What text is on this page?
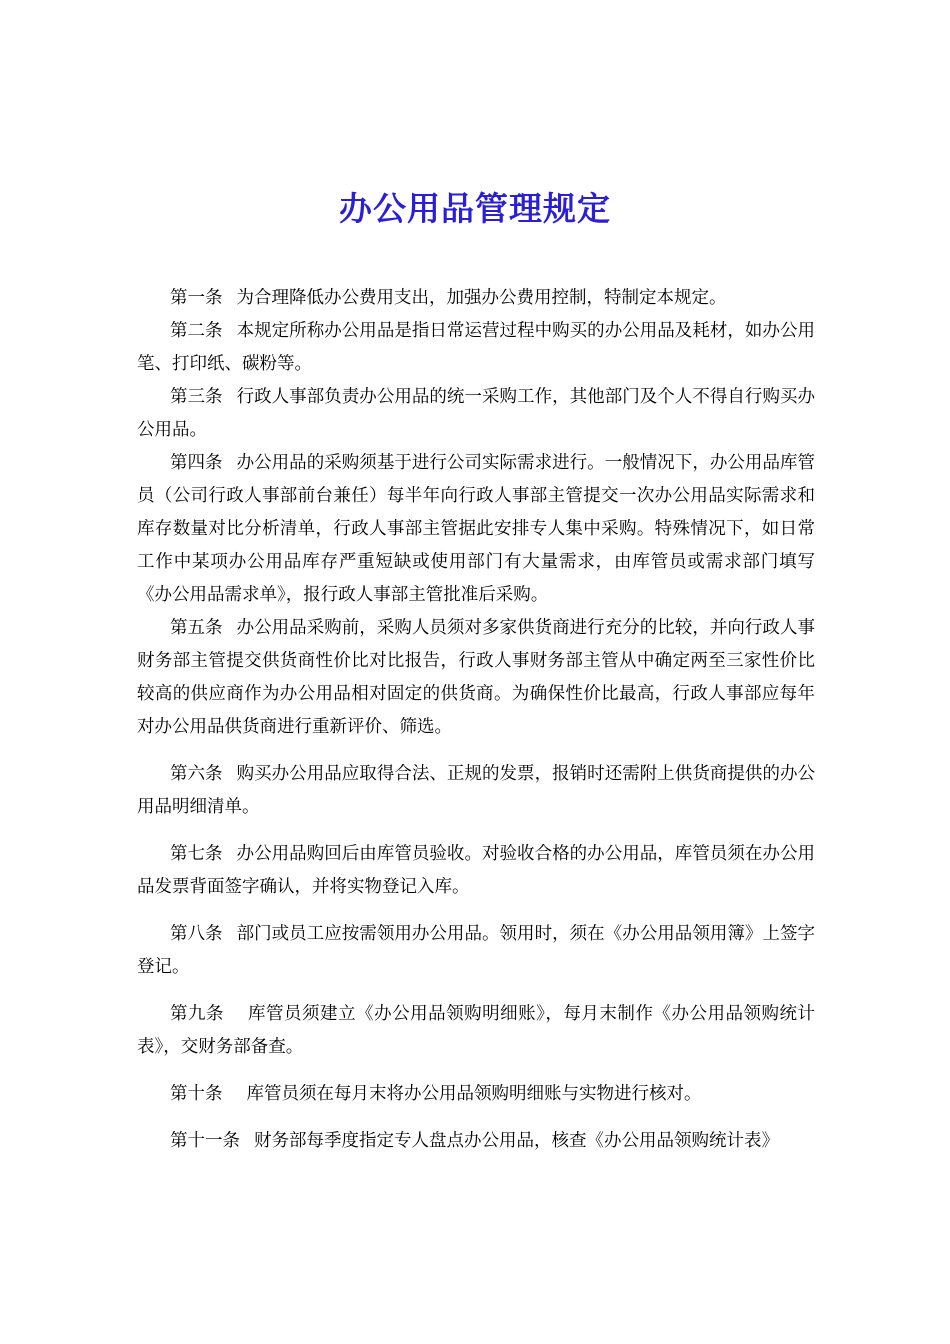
办公用品管理规定

第一条 为合理降低办公费用支出，加强办公费用控制，特制定本规定。

第二条 本规定所称办公用品是指日常运营过程中购买的办公用品及耗材，如办公用笔、打印纸、碳粉等。

第三条 行政人事部负责办公用品的统一采购工作，其他部门及个人不得自行购买办公用品。

第四条 办公用品的采购须基于进行公司实际需求进行。一般情况下，办公用品库管员（公司行政人事部前台兼任）每半年向行政人事部主管提交一次办公用品实际需求和库存数量对比分析清单，行政人事部主管据此安排专人集中采购。特殊情况下，如日常工作中某项办公用品库存严重短缺或使用部门有大量需求，由库管员或需求部门填写《办公用品需求单》，报行政人事部主管批准后采购。

第五条 办公用品采购前，采购人员须对多家供货商进行充分的比较，并向行政人事财务部主管提交供货商性价比对比报告，行政人事财务部主管从中确定两至三家性价比较高的供应商作为办公用品相对固定的供货商。为确保性价比最高，行政人事部应每年对办公用品供货商进行重新评价、筛选。

第六条 购买办公用品应取得合法、正规的发票，报销时还需附上供货商提供的办公用品明细清单。

第七条 办公用品购回后由库管员验收。对验收合格的办公用品，库管员须在办公用品发票背面签字确认，并将实物登记入库。

第八条 部门或员工应按需领用办公用品。领用时，须在《办公用品领用簿》上签字登记。

第九条 库管员须建立《办公用品领购明细账》，每月末制作《办公用品领购统计表》，交财务部备查。

第十条 库管员须在每月末将办公用品领购明细账与实物进行核对。

第十一条 财务部每季度指定专人盘点办公用品，核查《办公用品领购统计表》
